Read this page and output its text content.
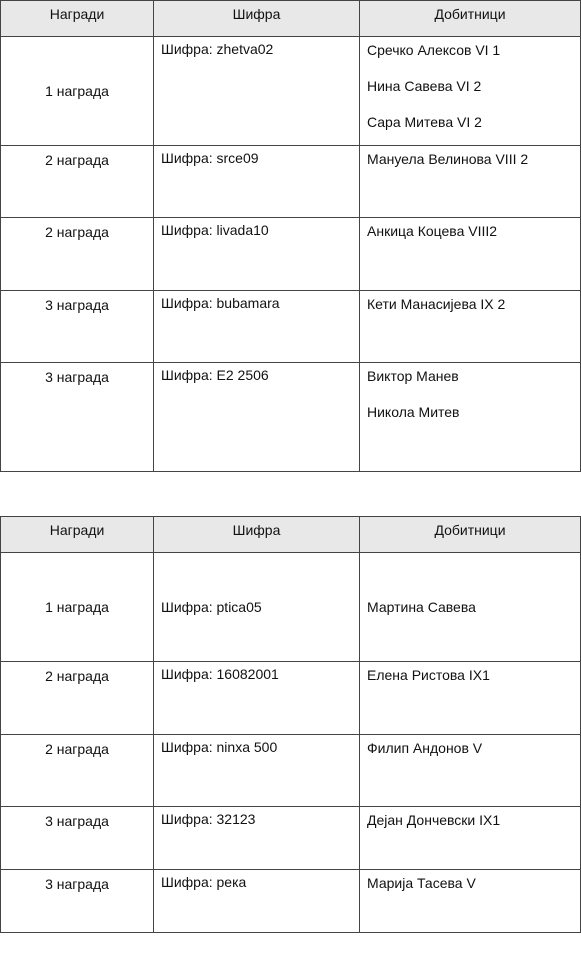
Награди	Шифра	Добитници
1 награда	Шифра: zhetva02	Сречко Алексов VI 1
Нина Савева VI 2
Сара Митева VI 2

2 награда	Шифра: srce09	Мануела Велинова VIII 2

2 награда	Шифра: livada10	Анкица Коцева VIII2

3 награда	Шифра: bubamara	Кети Манасиjева IX 2

3 награда	Шифра: Е2 2506	Виктор Манев
Никола Митев
Награди	Шифра	Добитници
1 награда	Шифра: ptica05	Мартина Савева

2 награда	Шифра: 16082001	Елена Ристова IX1

2 награда	Шифра: ninxa 500	Филип Андонов V

3 награда	Шифра: 32123	Дејан Дончевски IX1

3 награда	Шифра: река	Марија Тасева V
